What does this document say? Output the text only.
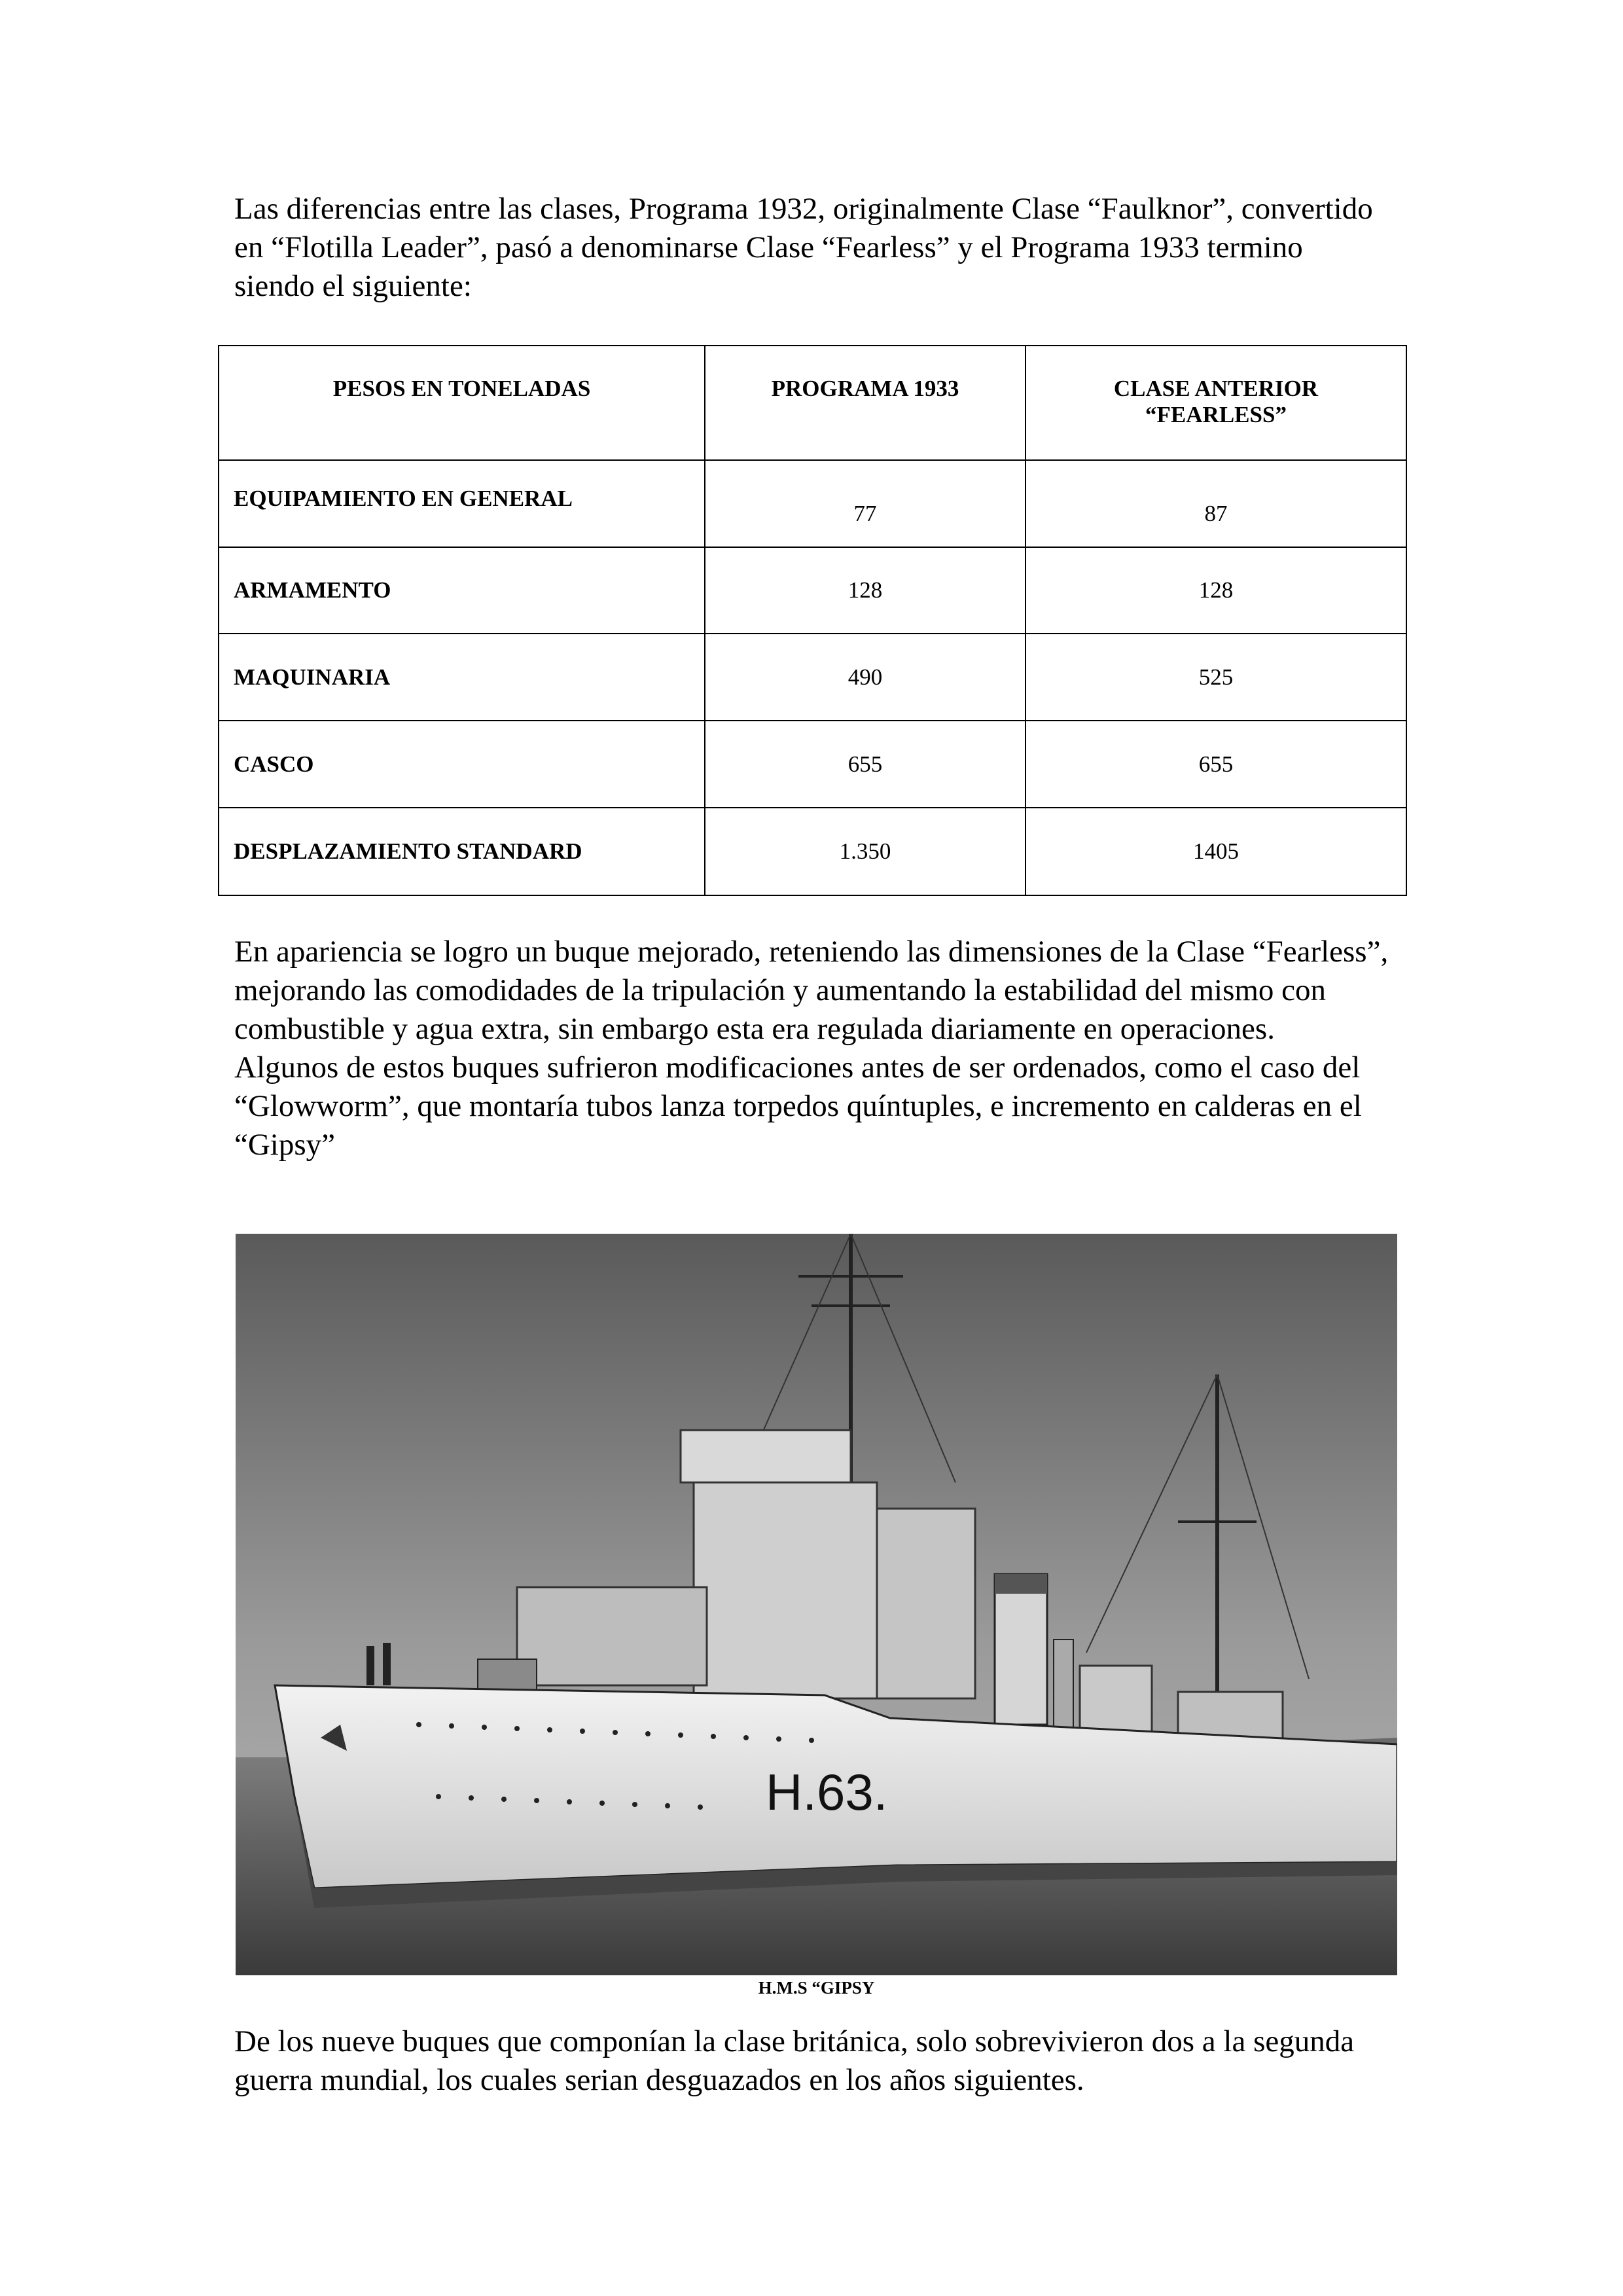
Las diferencias entre las clases, Programa 1932, originalmente Clase “Faulknor”, convertido en “Flotilla Leader”, pasó a denominarse Clase “Fearless” y el Programa 1933 termino siendo el siguiente:

PESOS EN TONELADAS	PROGRAMA 1933	CLASE ANTERIOR
“FEARLESS”

EQUIPAMIENTO EN GENERAL	77	87
ARMAMENTO	128	128
MAQUINARIA	490	525
CASCO	655	655
DESPLAZAMIENTO STANDARD	1.350	1405
En apariencia se logro un buque mejorado, reteniendo las dimensiones de la Clase “Fearless”, mejorando las comodidades de la tripulación y aumentando la estabilidad del mismo con combustible y agua extra, sin embargo esta era regulada diariamente en operaciones.
Algunos de estos buques sufrieron modificaciones antes de ser ordenados, como el caso del “Glowworm”, que montaría tubos lanza torpedos quíntuples, e incremento en calderas en el “Gipsy”
H.63.
H.M.S “GIPSY

De los nueve buques que componían la clase británica, solo sobrevivieron dos a la segunda guerra mundial, los cuales serian desguazados en los años siguientes.
